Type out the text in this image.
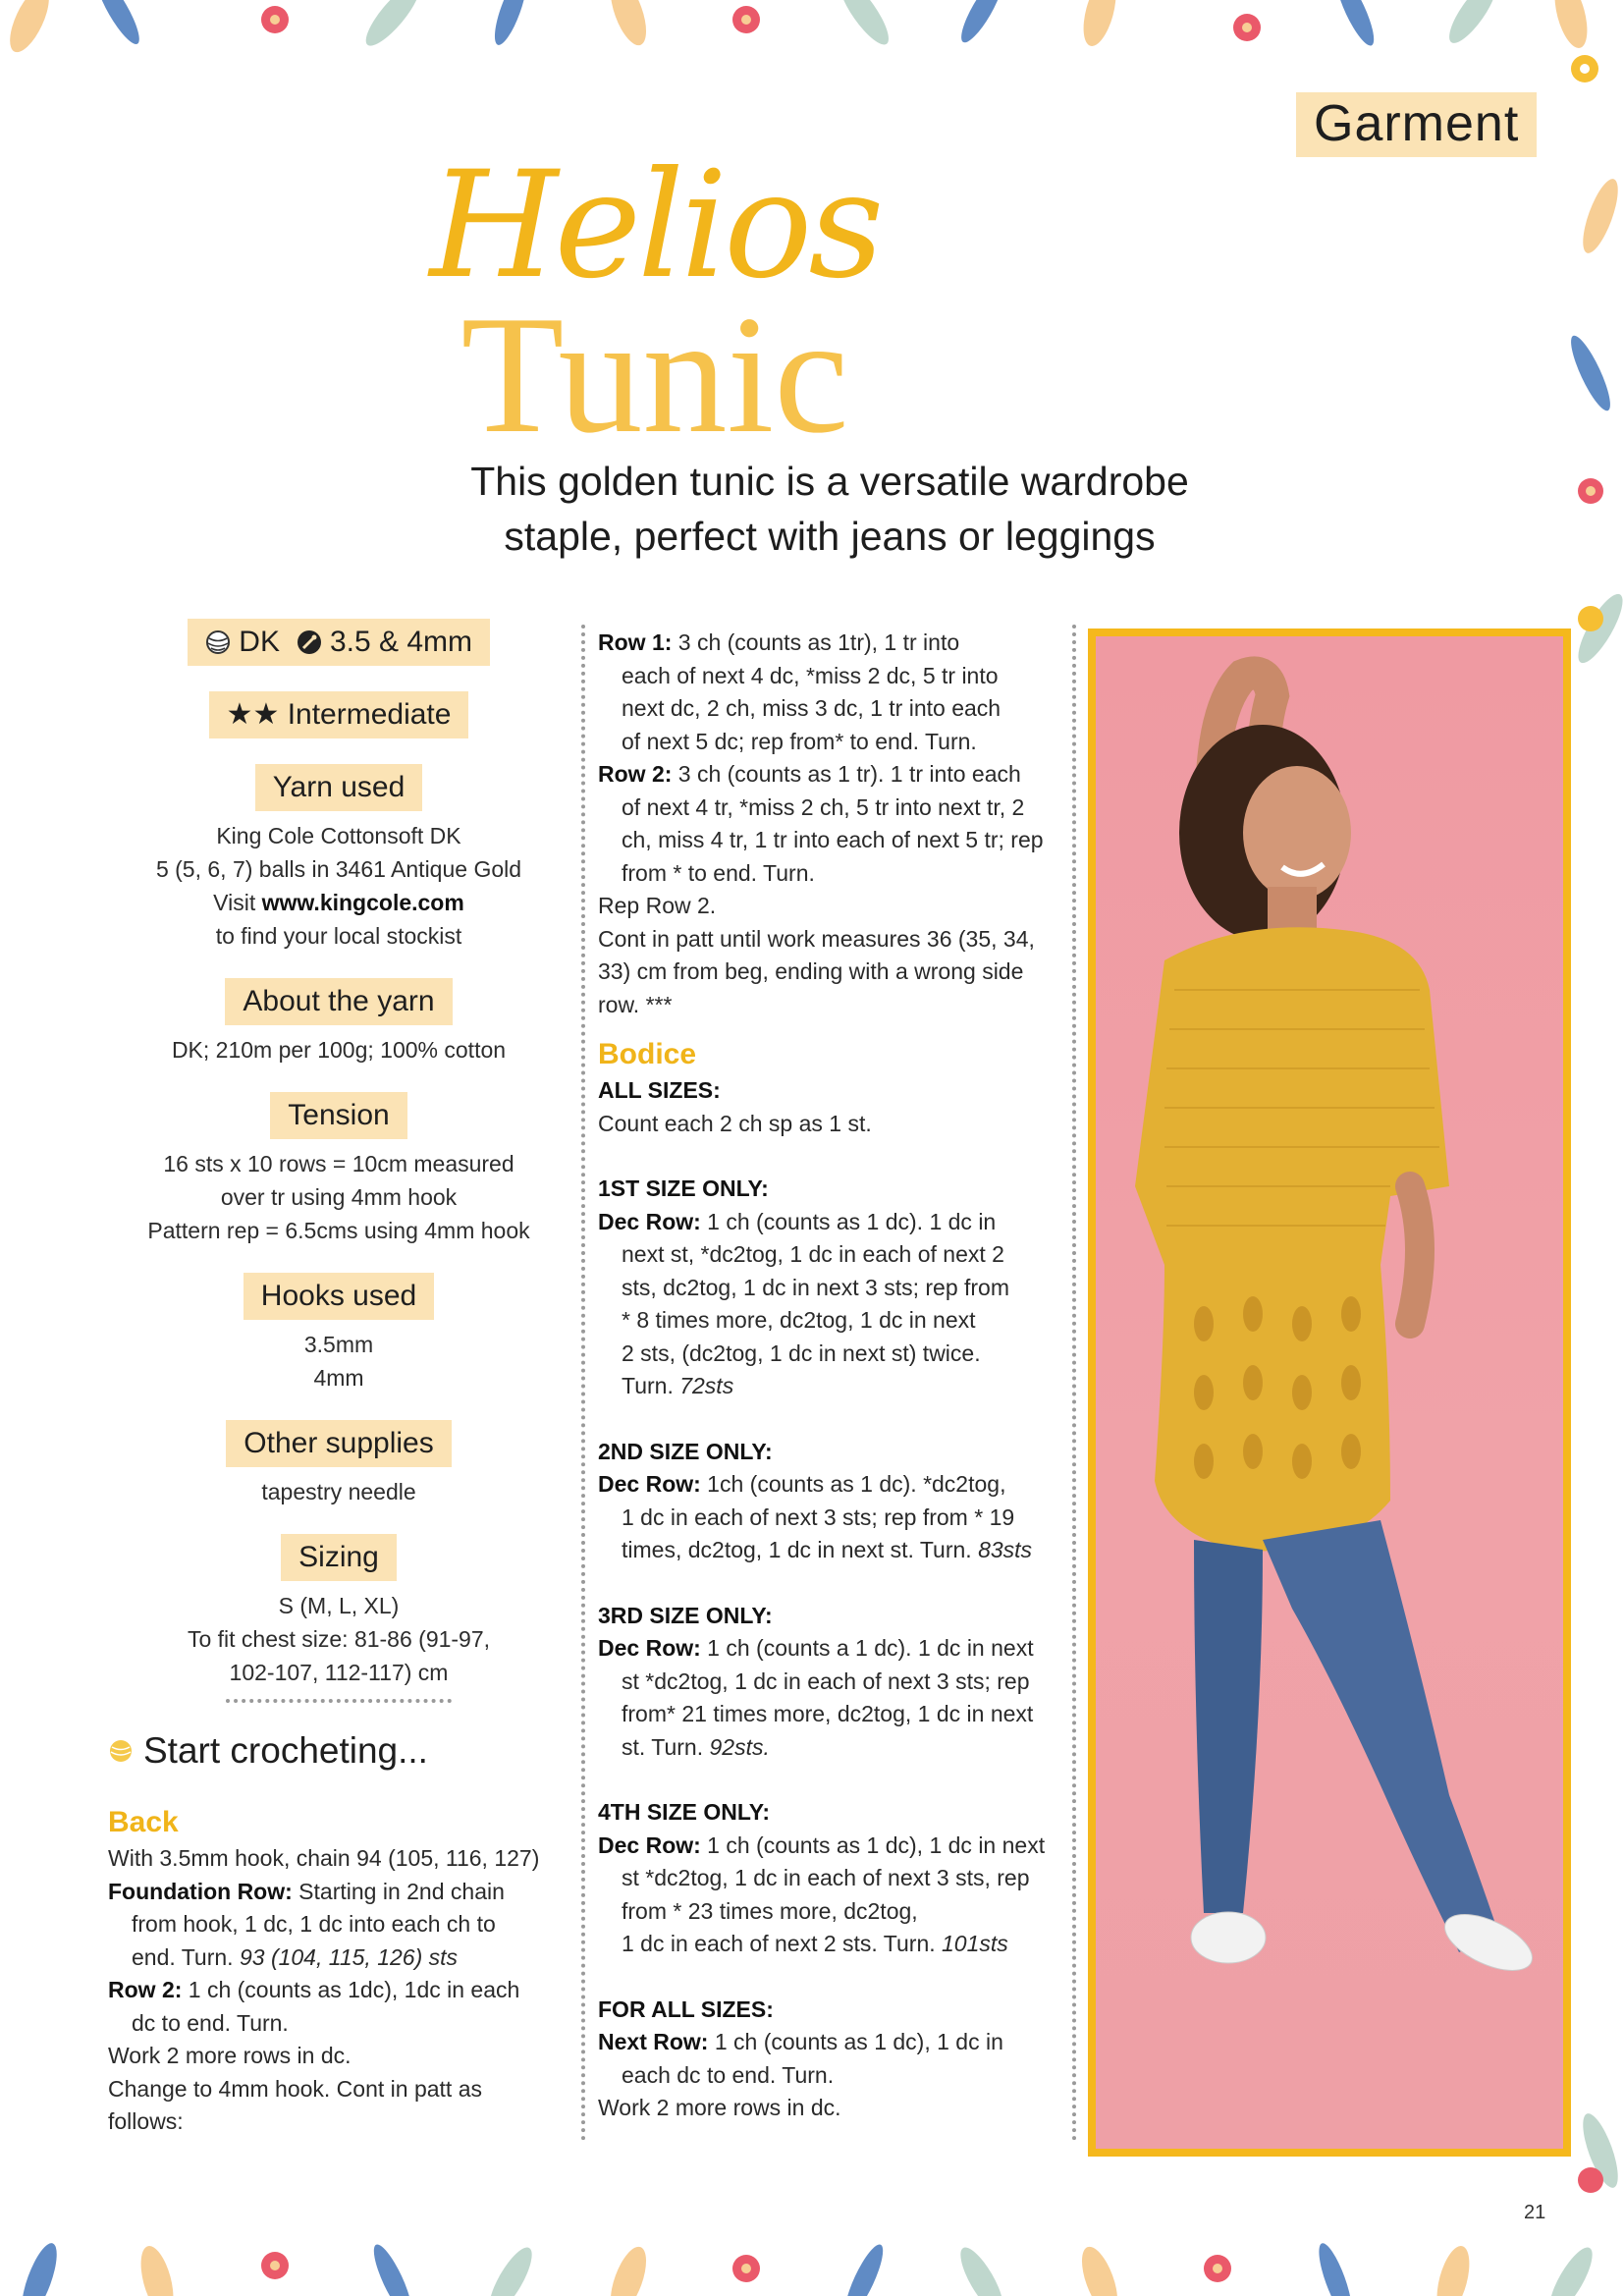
Garment
Helios
Tunic
This golden tunic is a versatile wardrobe
staple, perfect with jeans or leggings
DK 3.5 & 4mm
★★ Intermediate
Yarn used
King Cole Cottonsoft DK
5 (5, 6, 7) balls in 3461 Antique Gold
Visit www.kingcole.com
to find your local stockist
About the yarn
DK; 210m per 100g; 100% cotton
Tension
16 sts x 10 rows = 10cm measured
over tr using 4mm hook
Pattern rep = 6.5cms using 4mm hook
Hooks used
3.5mm
4mm
Other supplies
tapestry needle
Sizing
S (M, L, XL)
To fit chest size: 81-86 (91-97,
102-107, 112-117) cm
Start crocheting...
Back
With 3.5mm hook, chain 94 (105, 116, 127)
Foundation Row: Starting in 2nd chain
from hook, 1 dc, 1 dc into each ch to
end. Turn. 93 (104, 115, 126) sts
Row 2: 1 ch (counts as 1dc), 1dc in each
dc to end. Turn.
Work 2 more rows in dc.
Change to 4mm hook. Cont in patt as
follows:
Row 1: 3 ch (counts as 1tr), 1 tr into
each of next 4 dc, *miss 2 dc, 5 tr into
next dc, 2 ch, miss 3 dc, 1 tr into each
of next 5 dc; rep from* to end. Turn.
Row 2: 3 ch (counts as 1 tr). 1 tr into each
of next 4 tr, *miss 2 ch, 5 tr into next tr, 2
ch, miss 4 tr, 1 tr into each of next 5 tr; rep
from * to end. Turn.
Rep Row 2.
Cont in patt until work measures 36 (35, 34,
33) cm from beg, ending with a wrong side
row. ***
Bodice
ALL SIZES:
Count each 2 ch sp as 1 st.
1ST SIZE ONLY:
Dec Row: 1 ch (counts as 1 dc). 1 dc in
next st, *dc2tog, 1 dc in each of next 2
sts, dc2tog, 1 dc in next 3 sts; rep from
* 8 times more, dc2tog, 1 dc in next
2 sts, (dc2tog, 1 dc in next st) twice.
Turn. 72sts
2ND SIZE ONLY:
Dec Row: 1ch (counts as 1 dc). *dc2tog,
1 dc in each of next 3 sts; rep from * 19
times, dc2tog, 1 dc in next st. Turn. 83sts
3RD SIZE ONLY:
Dec Row: 1 ch (counts a 1 dc). 1 dc in next
st *dc2tog, 1 dc in each of next 3 sts; rep
from* 21 times more, dc2tog, 1 dc in next
st. Turn. 92sts.
4TH SIZE ONLY:
Dec Row: 1 ch (counts as 1 dc), 1 dc in next
st *dc2tog, 1 dc in each of next 3 sts, rep
from * 23 times more, dc2tog,
1 dc in each of next 2 sts. Turn. 101sts
FOR ALL SIZES:
Next Row: 1 ch (counts as 1 dc), 1 dc in
each dc to end. Turn.
Work 2 more rows in dc.
21
